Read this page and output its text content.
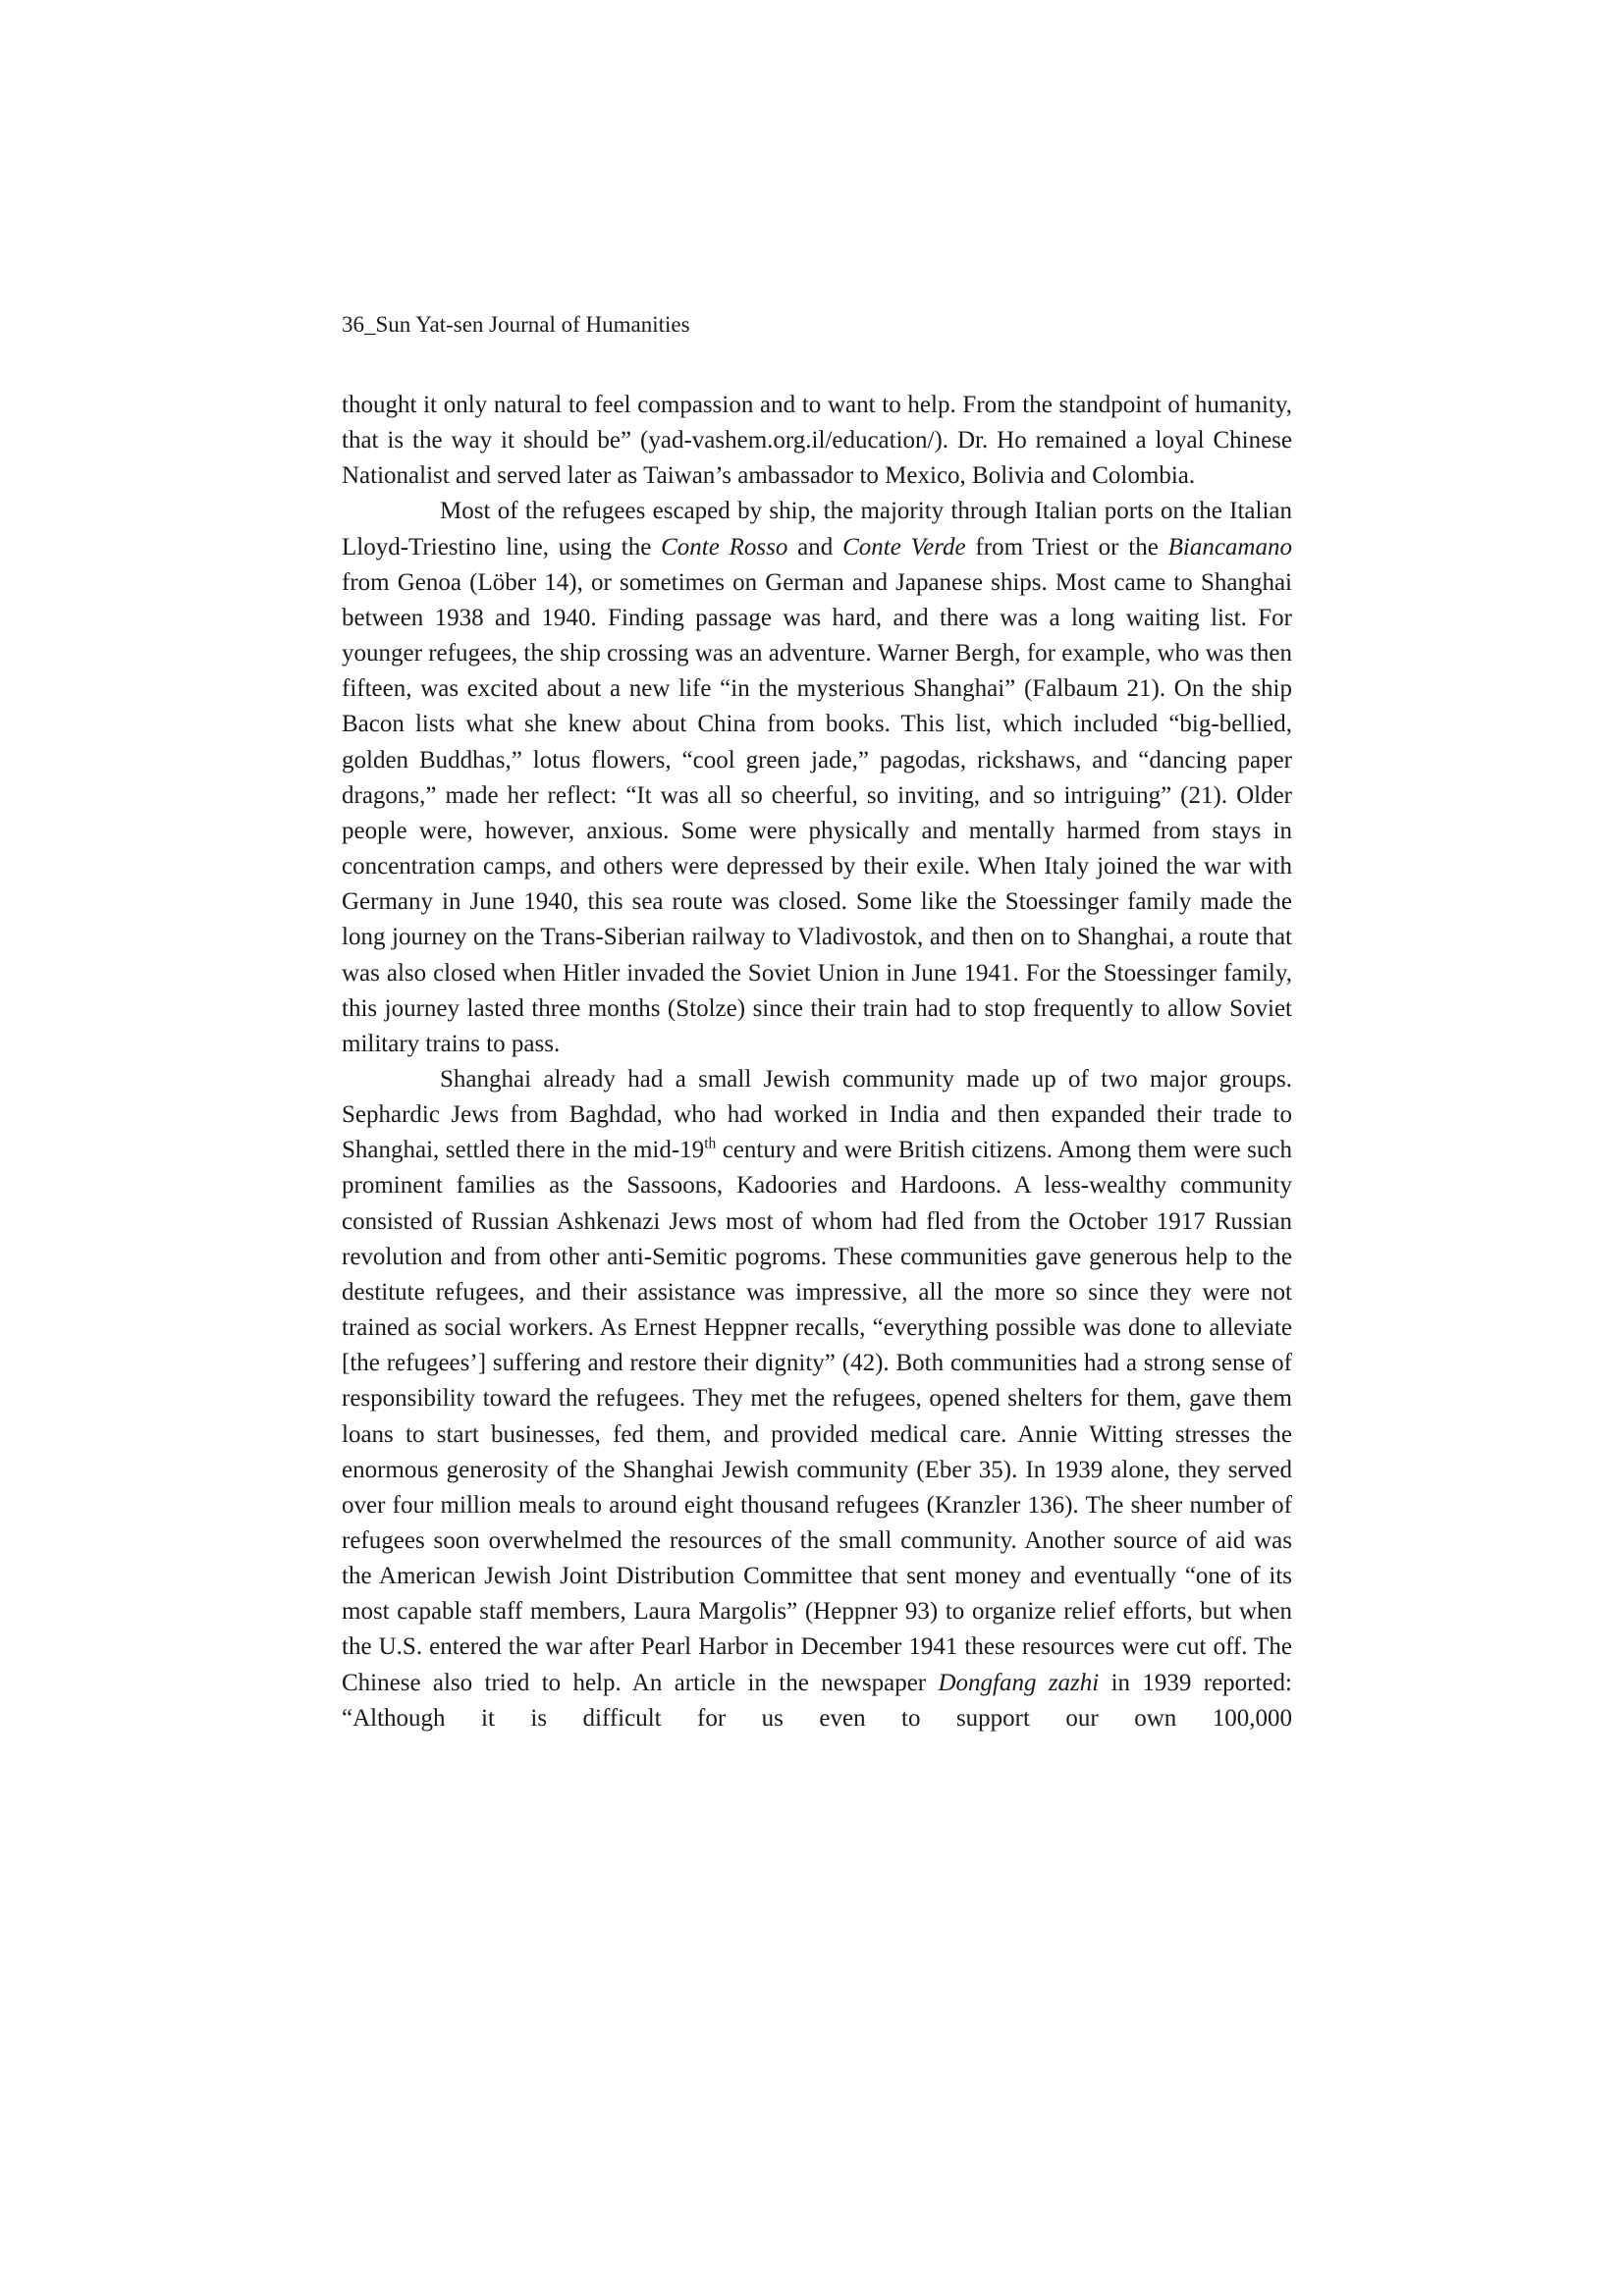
36_Sun Yat-sen Journal of Humanities

thought it only natural to feel compassion and to want to help. From the standpoint of humanity, that is the way it should be” (yad-vashem.org.il/education/). Dr. Ho remained a loyal Chinese Nationalist and served later as Taiwan’s ambassador to Mexico, Bolivia and Colombia.

Most of the refugees escaped by ship, the majority through Italian ports on the Italian Lloyd-Triestino line, using the Conte Rosso and Conte Verde from Triest or the Biancamano from Genoa (Löber 14), or sometimes on German and Japanese ships. Most came to Shanghai between 1938 and 1940. Finding passage was hard, and there was a long waiting list. For younger refugees, the ship crossing was an adventure. Warner Bergh, for example, who was then fifteen, was excited about a new life “in the mysterious Shanghai” (Falbaum 21). On the ship Bacon lists what she knew about China from books. This list, which included “big-bellied, golden Buddhas,” lotus flowers, “cool green jade,” pagodas, rickshaws, and “dancing paper dragons,” made her reflect: “It was all so cheerful, so inviting, and so intriguing” (21). Older people were, however, anxious. Some were physically and mentally harmed from stays in concentration camps, and others were depressed by their exile. When Italy joined the war with Germany in June 1940, this sea route was closed. Some like the Stoessinger family made the long journey on the Trans-Siberian railway to Vladivostok, and then on to Shanghai, a route that was also closed when Hitler invaded the Soviet Union in June 1941. For the Stoessinger family, this journey lasted three months (Stolze) since their train had to stop frequently to allow Soviet military trains to pass.

Shanghai already had a small Jewish community made up of two major groups. Sephardic Jews from Baghdad, who had worked in India and then expanded their trade to Shanghai, settled there in the mid-19th century and were British citizens. Among them were such prominent families as the Sassoons, Kadoories and Hardoons. A less-wealthy community consisted of Russian Ashkenazi Jews most of whom had fled from the October 1917 Russian revolution and from other anti-Semitic pogroms. These communities gave generous help to the destitute refugees, and their assistance was impressive, all the more so since they were not trained as social workers. As Ernest Heppner recalls, “everything possible was done to alleviate [the refugees’] suffering and restore their dignity” (42). Both communities had a strong sense of responsibility toward the refugees. They met the refugees, opened shelters for them, gave them loans to start businesses, fed them, and provided medical care. Annie Witting stresses the enormous generosity of the Shanghai Jewish community (Eber 35). In 1939 alone, they served over four million meals to around eight thousand refugees (Kranzler 136). The sheer number of refugees soon overwhelmed the resources of the small community. Another source of aid was the American Jewish Joint Distribution Committee that sent money and eventually “one of its most capable staff members, Laura Margolis” (Heppner 93) to organize relief efforts, but when the U.S. entered the war after Pearl Harbor in December 1941 these resources were cut off. The Chinese also tried to help. An article in the newspaper Dongfang zazhi in 1939 reported: “Although it is difficult for us even to support our own 100,000
